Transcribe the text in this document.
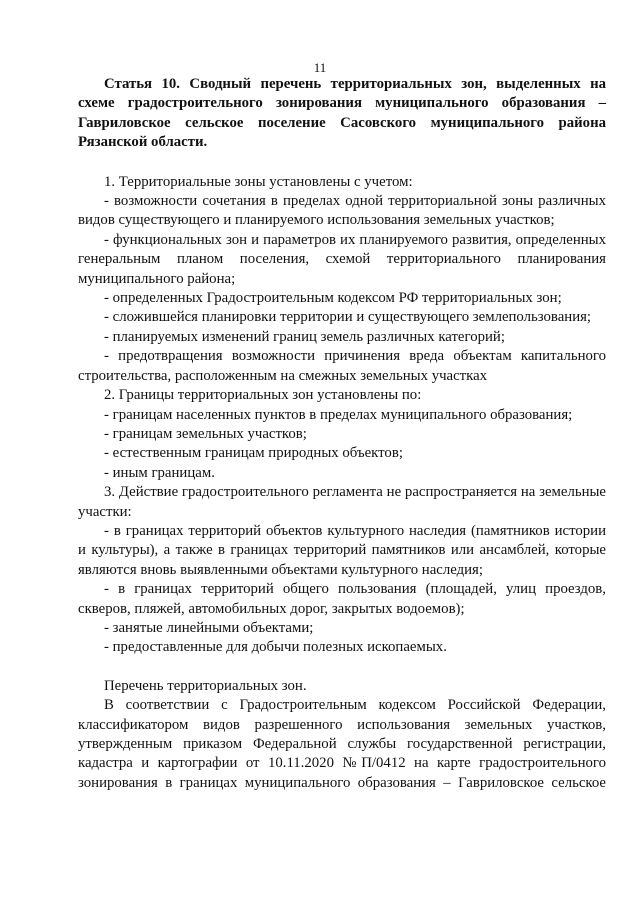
11

Статья 10. Сводный перечень территориальных зон, выделенных на схеме градостроительного зонирования муниципального образования – Гавриловское сельское поселение Сасовского муниципального района Рязанской области.

1. Территориальные зоны установлены с учетом:

- возможности сочетания в пределах одной территориальной зоны различных видов существующего и планируемого использования земельных участков;

- функциональных зон и параметров их планируемого развития, определенных генеральным планом поселения, схемой территориального планирования муниципального района;

- определенных Градостроительным кодексом РФ территориальных зон;

- сложившейся планировки территории и существующего землепользования;

- планируемых изменений границ земель различных категорий;

- предотвращения возможности причинения вреда объектам капитального строительства, расположенным на смежных земельных участках

2. Границы территориальных зон установлены по:

- границам населенных пунктов в пределах муниципального образования;

- границам земельных участков;

- естественным границам природных объектов;

- иным границам.

3. Действие градостроительного регламента не распространяется на земельные участки:

- в границах территорий объектов культурного наследия (памятников истории и культуры), а также в границах территорий памятников или ансамблей, которые являются вновь выявленными объектами культурного наследия;

- в границах территорий общего пользования (площадей, улиц проездов, скверов, пляжей, автомобильных дорог, закрытых водоемов);

- занятые линейными объектами;

- предоставленные для добычи полезных ископаемых.

Перечень территориальных зон.

В соответствии с Градостроительным кодексом Российской Федерации, классификатором видов разрешенного использования земельных участков, утвержденным приказом Федеральной службы государственной регистрации, кадастра и картографии от 10.11.2020 №П/0412 на карте градостроительного зонирования в границах муниципального образования – Гавриловское сельское
